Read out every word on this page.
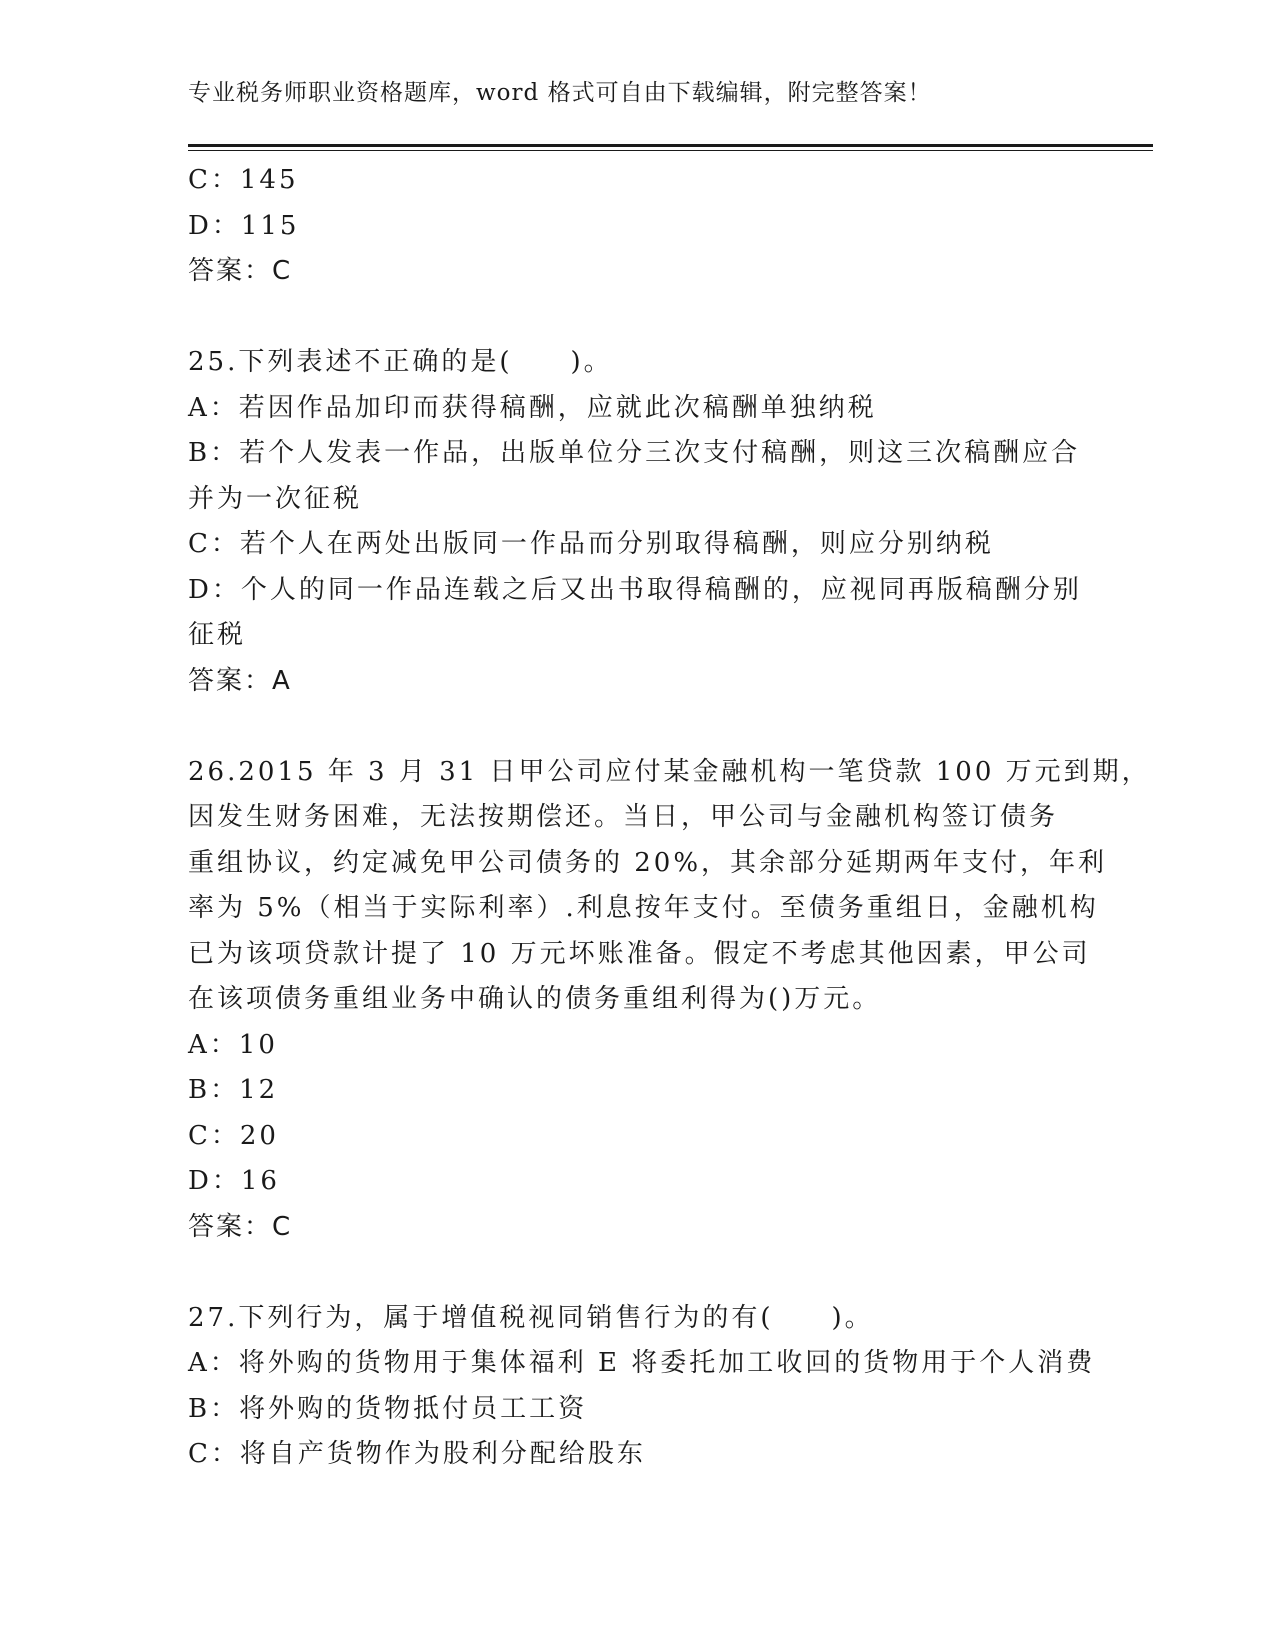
专业税务师职业资格题库，word 格式可自由下载编辑，附完整答案！
C：145
D：115
答案：C
25.下列表述不正确的是(　　)。
A：若因作品加印而获得稿酬，应就此次稿酬单独纳税
B：若个人发表一作品，出版单位分三次支付稿酬，则这三次稿酬应合
并为一次征税
C：若个人在两处出版同一作品而分别取得稿酬，则应分别纳税
D：个人的同一作品连载之后又出书取得稿酬的，应视同再版稿酬分别
征税
答案：A
26.2015 年 3 月 31 日甲公司应付某金融机构一笔贷款 100 万元到期，
因发生财务困难，无法按期偿还。当日，甲公司与金融机构签订债务
重组协议，约定减免甲公司债务的 20%，其余部分延期两年支付，年利
率为 5%（相当于实际利率）.利息按年支付。至债务重组日，金融机构
已为该项贷款计提了 10 万元坏账准备。假定不考虑其他因素，甲公司
在该项债务重组业务中确认的债务重组利得为()万元。
A：10
B：12
C：20
D：16
答案：C
27.下列行为，属于增值税视同销售行为的有(　　)。
A：将外购的货物用于集体福利 E 将委托加工收回的货物用于个人消费
B：将外购的货物抵付员工工资
C：将自产货物作为股利分配给股东
